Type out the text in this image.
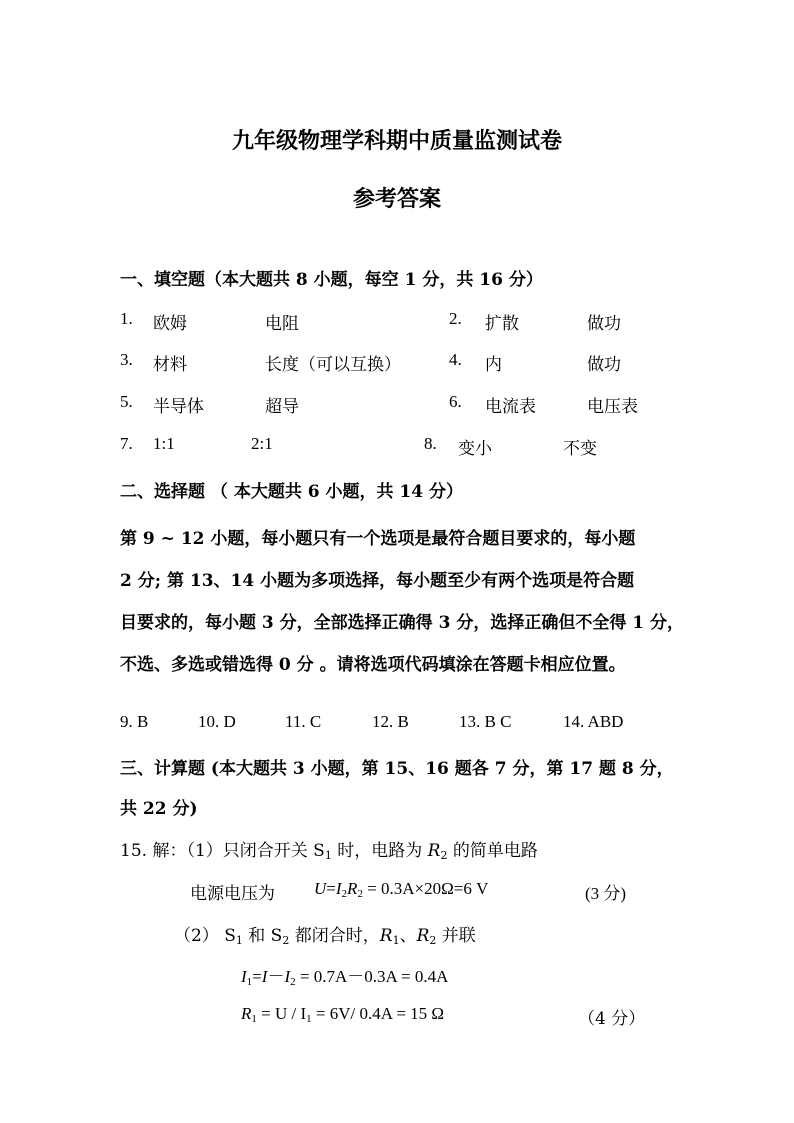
九年级物理学科期中质量监测试卷
参考答案
一、填空题（本大题共 8 小题，每空 1 分，共 16 分）
1. 欧姆	电阻	2. 扩散	做功
3. 材料	长度（可以互换）	4. 内	做功
5. 半导体	超导	6. 电流表	电压表
7. 1:1	2:1	8. 变小	不变
二、选择题 （ 本大题共 6 小题，共 14 分）
第 9 ~ 12 小题，每小题只有一个选项是最符合题目要求的，每小题
2 分; 第 13、14 小题为多项选择，每小题至少有两个选项是符合题
目要求的，每小题 3 分，全部选择正确得 3 分，选择正确但不全得 1 分，
不选、多选或错选得 0 分 。请将选项代码填涂在答题卡相应位置。
9. B	10. D	11. C	12. B	13. B C	14. ABD
三、计算题 (本大题共 3 小题，第 15、16 题各 7 分，第 17 题 8 分，
共 22 分)
15. 解：（1）只闭合开关 $S_1$ 时，电路为 $R_2$ 的简单电路
电源电压为 $U=I_2R_2 = 0.3A\times 20\Omega=6$ V	(3 分)
（2） $S_1$ 和 $S_2$ 都闭合时，$R_1$、$R_2$ 并联
$I_1=I-I_2 = 0.7A-0.3A = 0.4A$
$R_1 = U / I_1 = 6V/$ 0.4A = 15 Ω	（4 分）
